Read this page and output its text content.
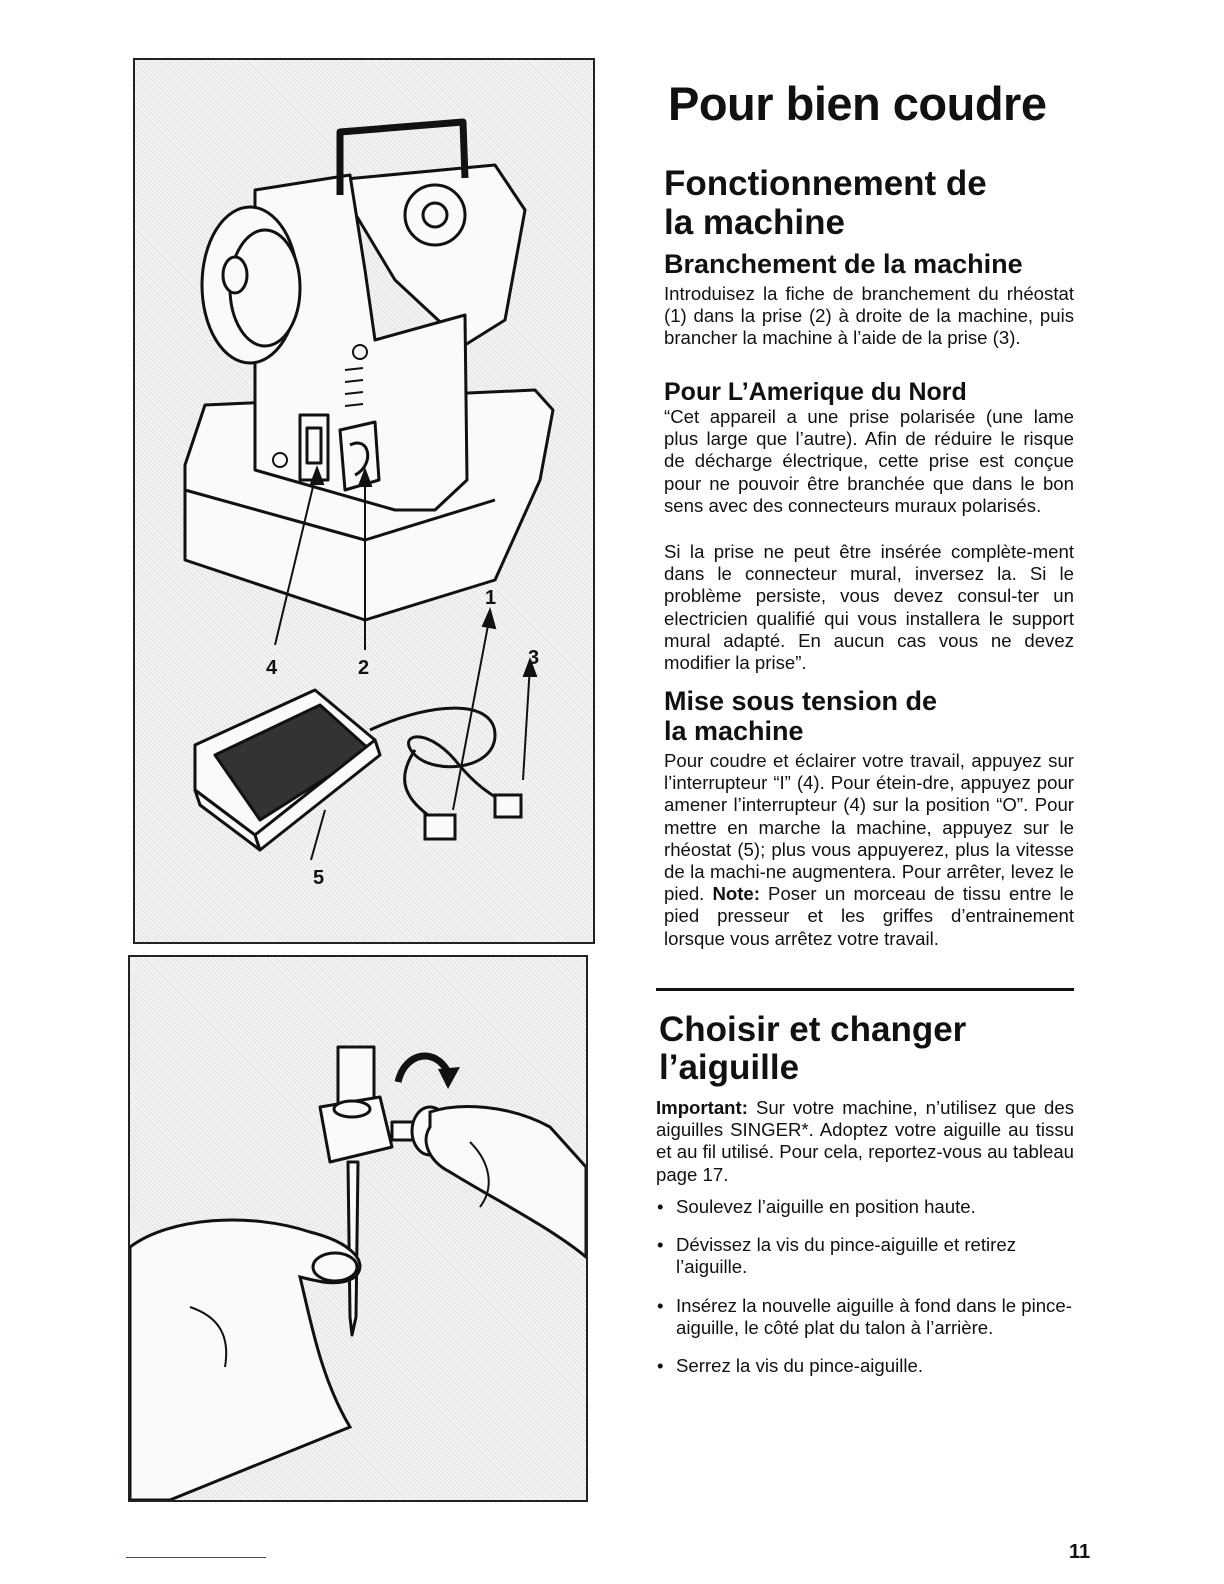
1
2	3
4
5
Pour bien coudre
Fonctionnement de
la machine
Branchement de la machine

Introduisez la fiche de branchement du rhéostat (1) dans la prise (2) à droite de la machine, puis brancher la machine à l’aide de la prise (3).

Pour L’Amerique du Nord

“Cet appareil a une prise polarisée (une lame plus large que l’autre). Afin de réduire le risque de décharge électrique, cette prise est conçue pour ne pouvoir être branchée que dans le bon sens avec des connecteurs muraux polarisés.

Si la prise ne peut être insérée complète-ment dans le connecteur mural, inversez la. Si le problème persiste, vous devez consul-ter un electricien qualifié qui vous installera le support mural adapté. En aucun cas vous ne devez modifier la prise”.

Mise sous tension de
la machine

Pour coudre et éclairer votre travail, appuyez sur l’interrupteur “I” (4). Pour étein-dre, appuyez pour amener l’interrupteur (4) sur la position “O”. Pour mettre en marche la machine, appuyez sur le rhéostat (5); plus vous appuyerez, plus la vitesse de la machi-ne augmentera. Pour arrêter, levez le pied. Note: Poser un morceau de tissu entre le pied presseur et les griffes d’entrainement lorsque vous arrêtez votre travail.

Choisir et changer
l’aiguille

Important: Sur votre machine, n’utilisez que des aiguilles SINGER*. Adoptez votre aiguille au tissu et au fil utilisé. Pour cela, reportez-vous au tableau page 17.

• Soulevez l’aiguille en position haute.
• Dévissez la vis du pince-aiguille et retirez l’aiguille.
• Insérez la nouvelle aiguille à fond dans le pince-aiguille, le côté plat du talon à l’arrière.
• Serrez la vis du pince-aiguille.
11
